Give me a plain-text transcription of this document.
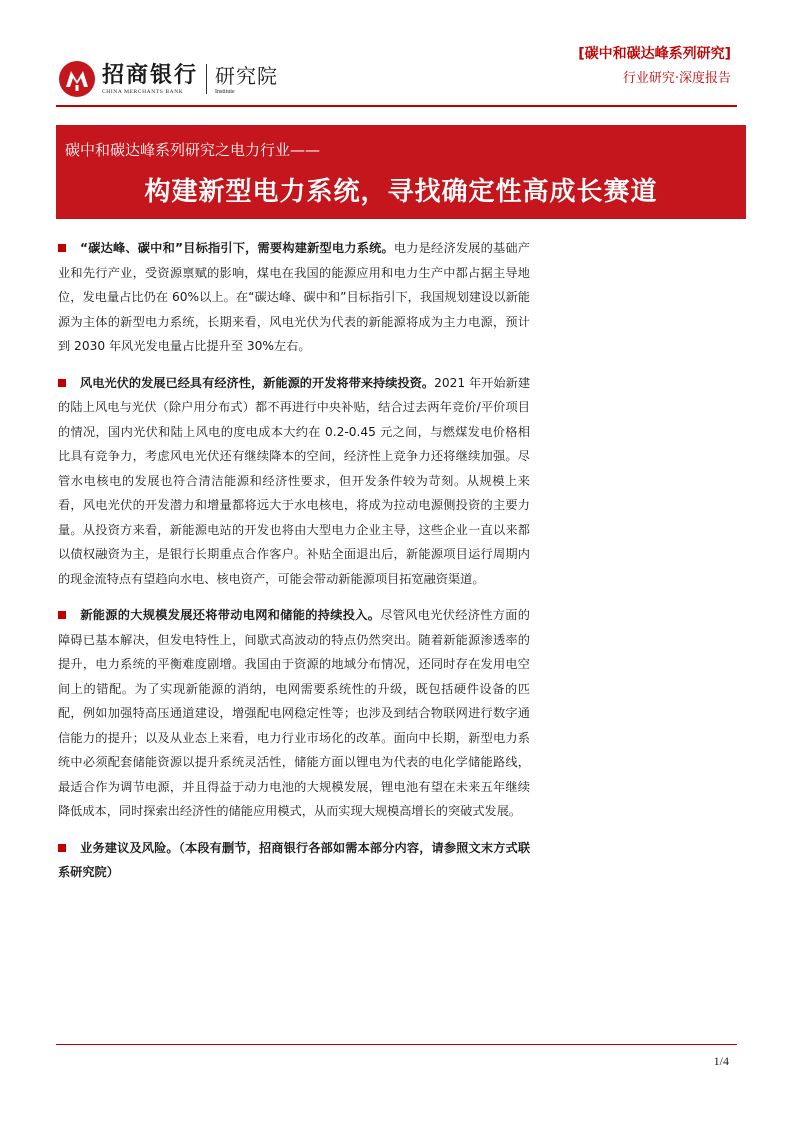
招商银行
CHINA MERCHANTS BANK
研究院
Institute
[碳中和碳达峰系列研究]
行业研究·深度报告
碳中和碳达峰系列研究之电力行业——
构建新型电力系统，寻找确定性高成长赛道

“碳达峰、碳中和”目标指引下，需要构建新型电力系统。电力是经济发展的基础产业和先行产业，受资源禀赋的影响，煤电在我国的能源应用和电力生产中都占据主导地位，发电量占比仍在 60%以上。在“碳达峰、碳中和”目标指引下，我国规划建设以新能源为主体的新型电力系统，长期来看，风电光伏为代表的新能源将成为主力电源，预计到 2030 年风光发电量占比提升至 30%左右。

风电光伏的发展已经具有经济性，新能源的开发将带来持续投资。2021 年开始新建的陆上风电与光伏（除户用分布式）都不再进行中央补贴，结合过去两年竞价/平价项目的情况，国内光伏和陆上风电的度电成本大约在 0.2-0.45 元之间，与燃煤发电价格相比具有竞争力，考虑风电光伏还有继续降本的空间，经济性上竞争力还将继续加强。尽管水电核电的发展也符合清洁能源和经济性要求，但开发条件较为苛刻。从规模上来看，风电光伏的开发潜力和增量都将远大于水电核电，将成为拉动电源侧投资的主要力量。从投资方来看，新能源电站的开发也将由大型电力企业主导，这些企业一直以来都以债权融资为主，是银行长期重点合作客户。补贴全面退出后，新能源项目运行周期内的现金流特点有望趋向水电、核电资产，可能会带动新能源项目拓宽融资渠道。

新能源的大规模发展还将带动电网和储能的持续投入。尽管风电光伏经济性方面的障碍已基本解决，但发电特性上，间歇式高波动的特点仍然突出。随着新能源渗透率的提升，电力系统的平衡难度剧增。我国由于资源的地域分布情况，还同时存在发用电空间上的错配。为了实现新能源的消纳，电网需要系统性的升级，既包括硬件设备的匹配，例如加强特高压通道建设，增强配电网稳定性等；也涉及到结合物联网进行数字通信能力的提升；以及从业态上来看，电力行业市场化的改革。面向中长期，新型电力系统中必须配套储能资源以提升系统灵活性，储能方面以锂电为代表的电化学储能路线，最适合作为调节电源，并且得益于动力电池的大规模发展，锂电池有望在未来五年继续降低成本，同时探索出经济性的储能应用模式，从而实现大规模高增长的突破式发展。

业务建议及风险。（本段有删节，招商银行各部如需本部分内容，请参照文末方式联系研究院）

1/4
